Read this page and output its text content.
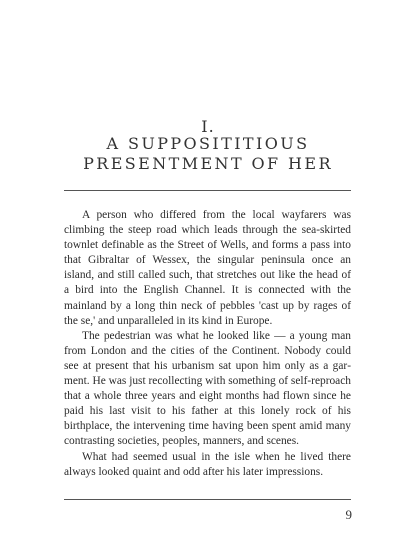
I.
A SUPPOSITITIOUS
PRESENTMENT OF HER

A person who differed from the local wayfarers was climbing the steep road which leads through the sea-skirted townlet definable as the Street of Wells, and forms a pass into that Gibraltar of Wessex, the singular peninsula once an island, and still called such, that stretches out like the head of a bird into the English Channel. It is connected with the mainland by a long thin neck of pebbles 'cast up by rages of the se,' and unparalleled in its kind in Europe.

The pedestrian was what he looked like — a young man from London and the cities of the Continent. Nobody could see at present that his urbanism sat upon him only as a garment. He was just recollecting with something of self-reproach that a whole three years and eight months had flown since he paid his last visit to his father at this lonely rock of his birthplace, the intervening time having been spent amid many contrasting societies, peoples, manners, and scenes.

What had seemed usual in the isle when he lived there always looked quaint and odd after his later impressions.

9
